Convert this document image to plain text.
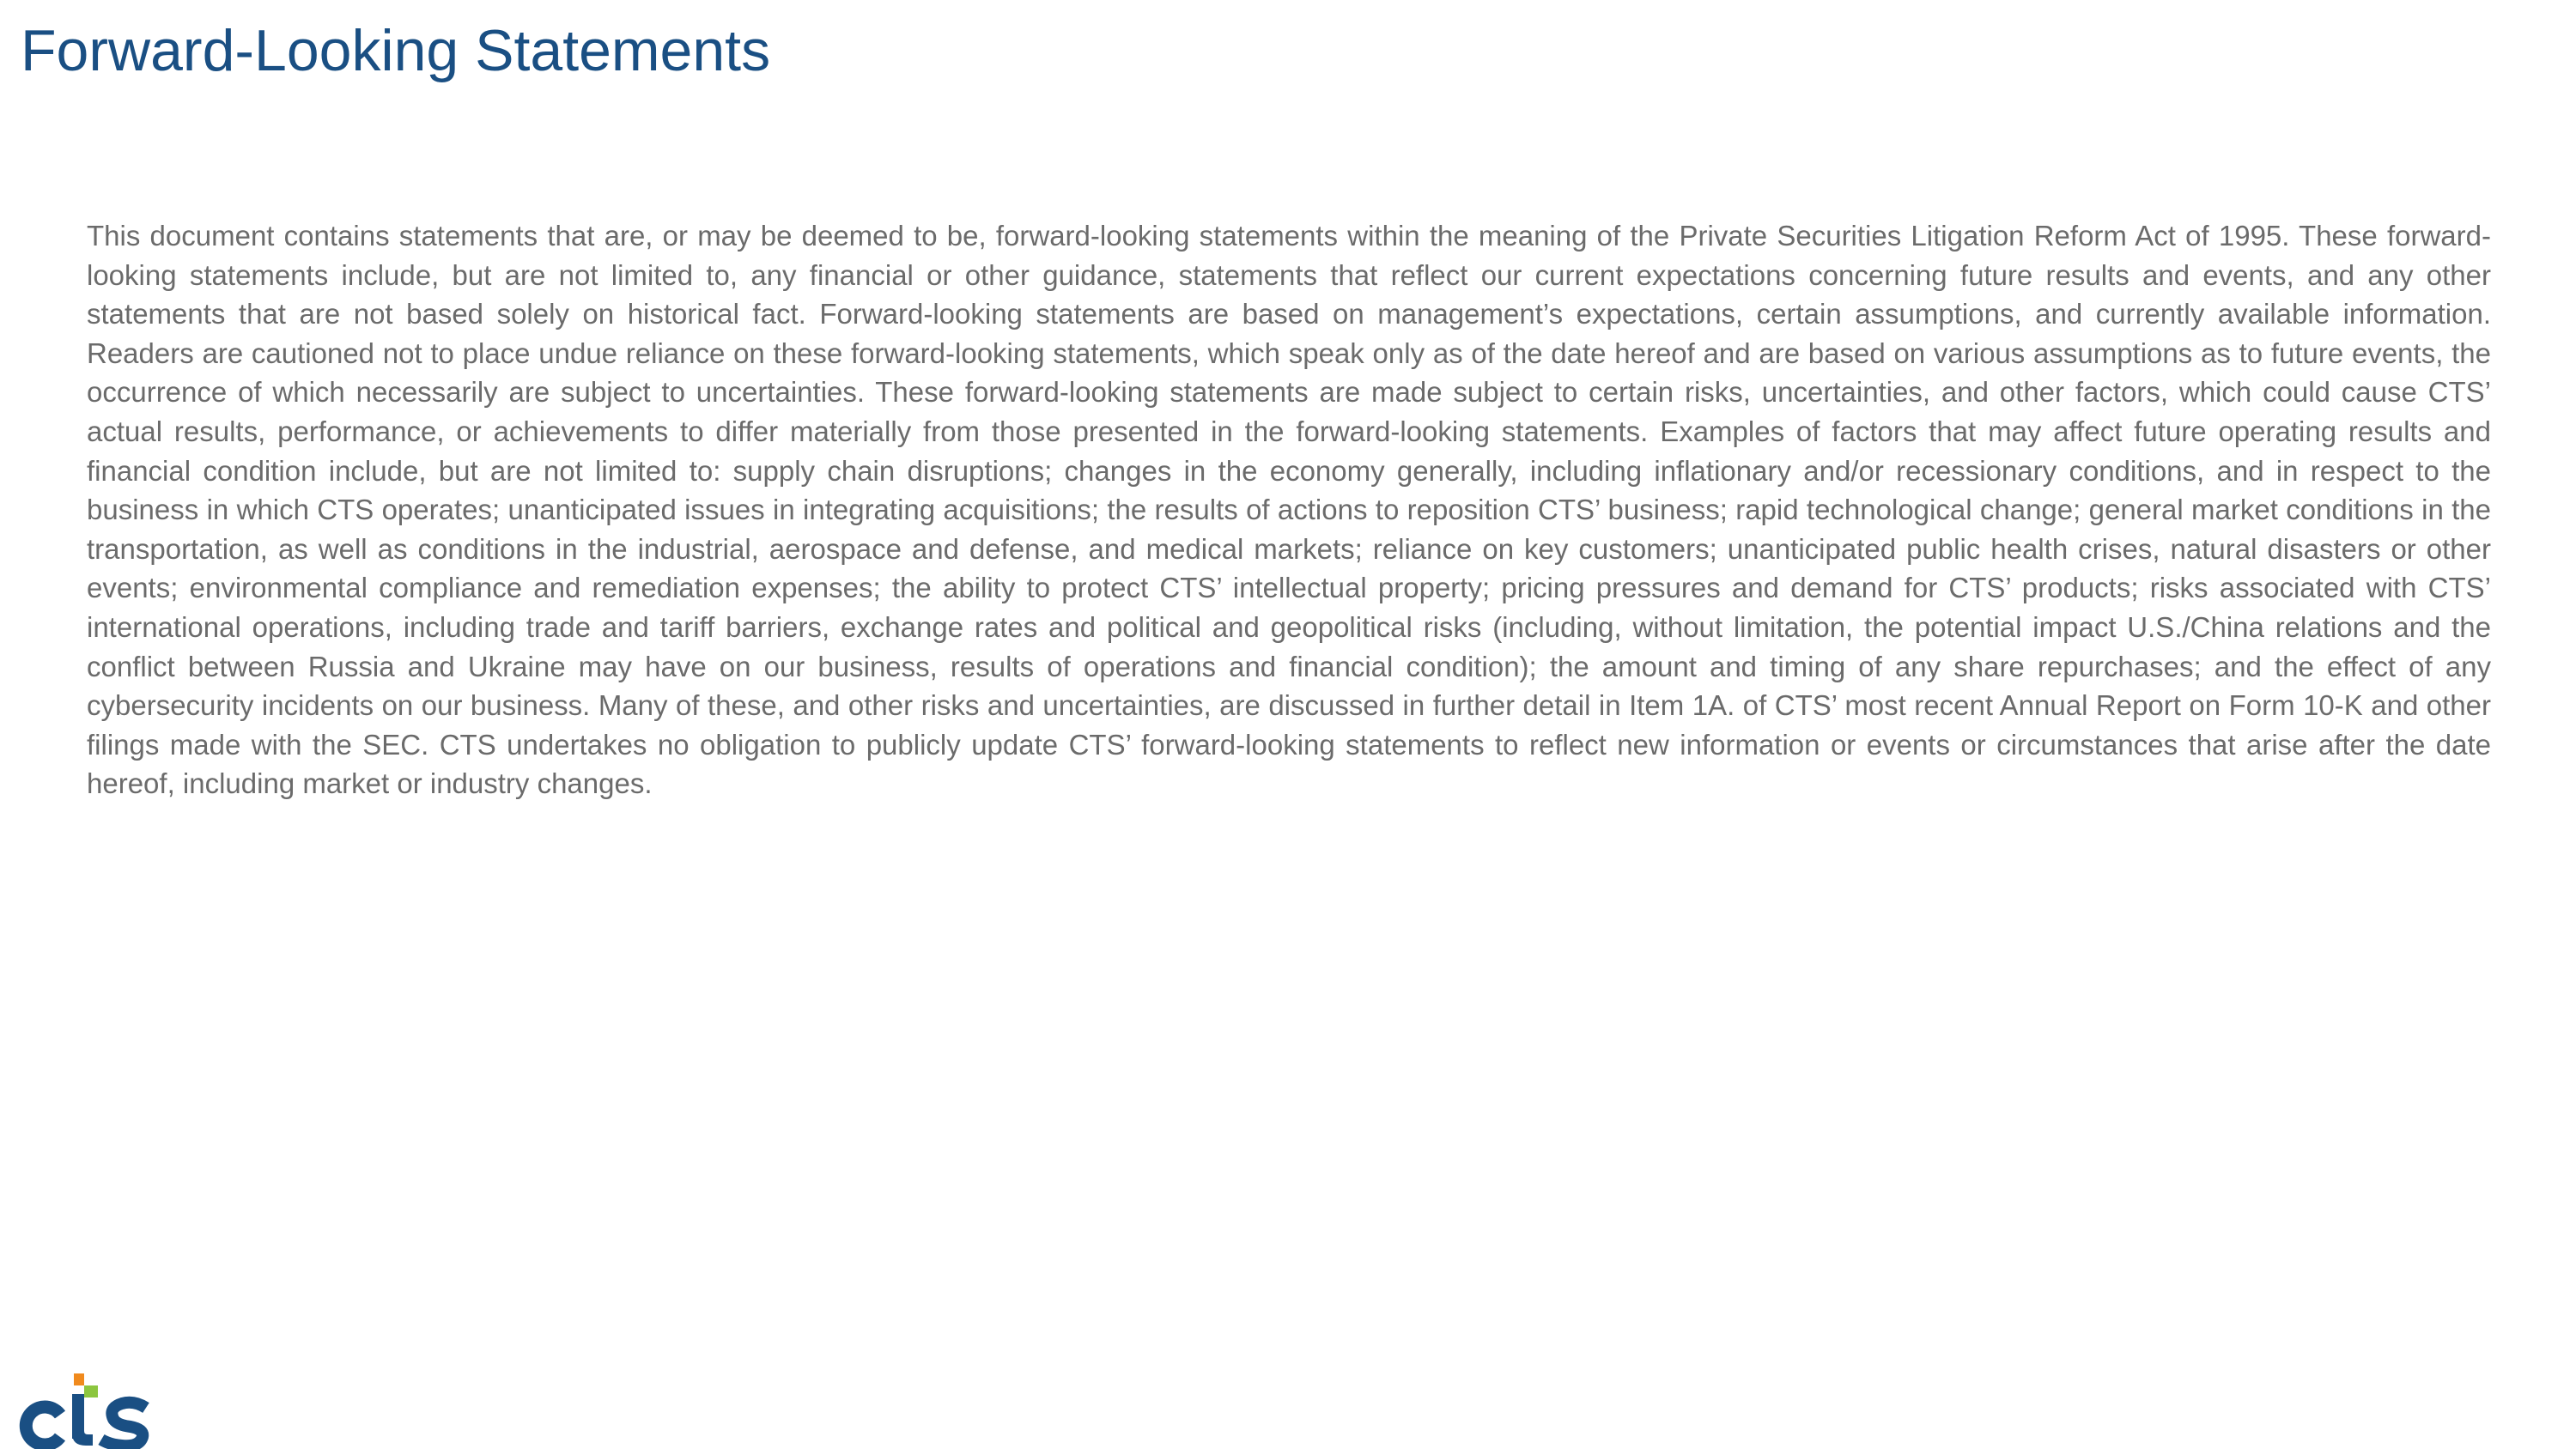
Forward-Looking Statements

This document contains statements that are, or may be deemed to be, forward-looking statements within the meaning of the Private Securities Litigation Reform Act of 1995. These forward-looking statements include, but are not limited to, any financial or other guidance, statements that reflect our current expectations concerning future results and events, and any other statements that are not based solely on historical fact. Forward-looking statements are based on management’s expectations, certain assumptions, and currently available information. Readers are cautioned not to place undue reliance on these forward-looking statements, which speak only as of the date hereof and are based on various assumptions as to future events, the occurrence of which necessarily are subject to uncertainties. These forward-looking statements are made subject to certain risks, uncertainties, and other factors, which could cause CTS’ actual results, performance, or achievements to differ materially from those presented in the forward-looking statements. Examples of factors that may affect future operating results and financial condition include, but are not limited to: supply chain disruptions; changes in the economy generally, including inflationary and/or recessionary conditions, and in respect to the business in which CTS operates; unanticipated issues in integrating acquisitions; the results of actions to reposition CTS’ business; rapid technological change; general market conditions in the transportation, as well as conditions in the industrial, aerospace and defense, and medical markets; reliance on key customers; unanticipated public health crises, natural disasters or other events; environmental compliance and remediation expenses; the ability to protect CTS’ intellectual property; pricing pressures and demand for CTS’ products; risks associated with CTS’ international operations, including trade and tariff barriers, exchange rates and political and geopolitical risks (including, without limitation, the potential impact U.S./China relations and the conflict between Russia and Ukraine may have on our business, results of operations and financial condition); the amount and timing of any share repurchases; and the effect of any cybersecurity incidents on our business. Many of these, and other risks and uncertainties, are discussed in further detail in Item 1A. of CTS’ most recent Annual Report on Form 10-K and other filings made with the SEC. CTS undertakes no obligation to publicly update CTS’ forward-looking statements to reflect new information or events or circumstances that arise after the date hereof, including market or industry changes.
